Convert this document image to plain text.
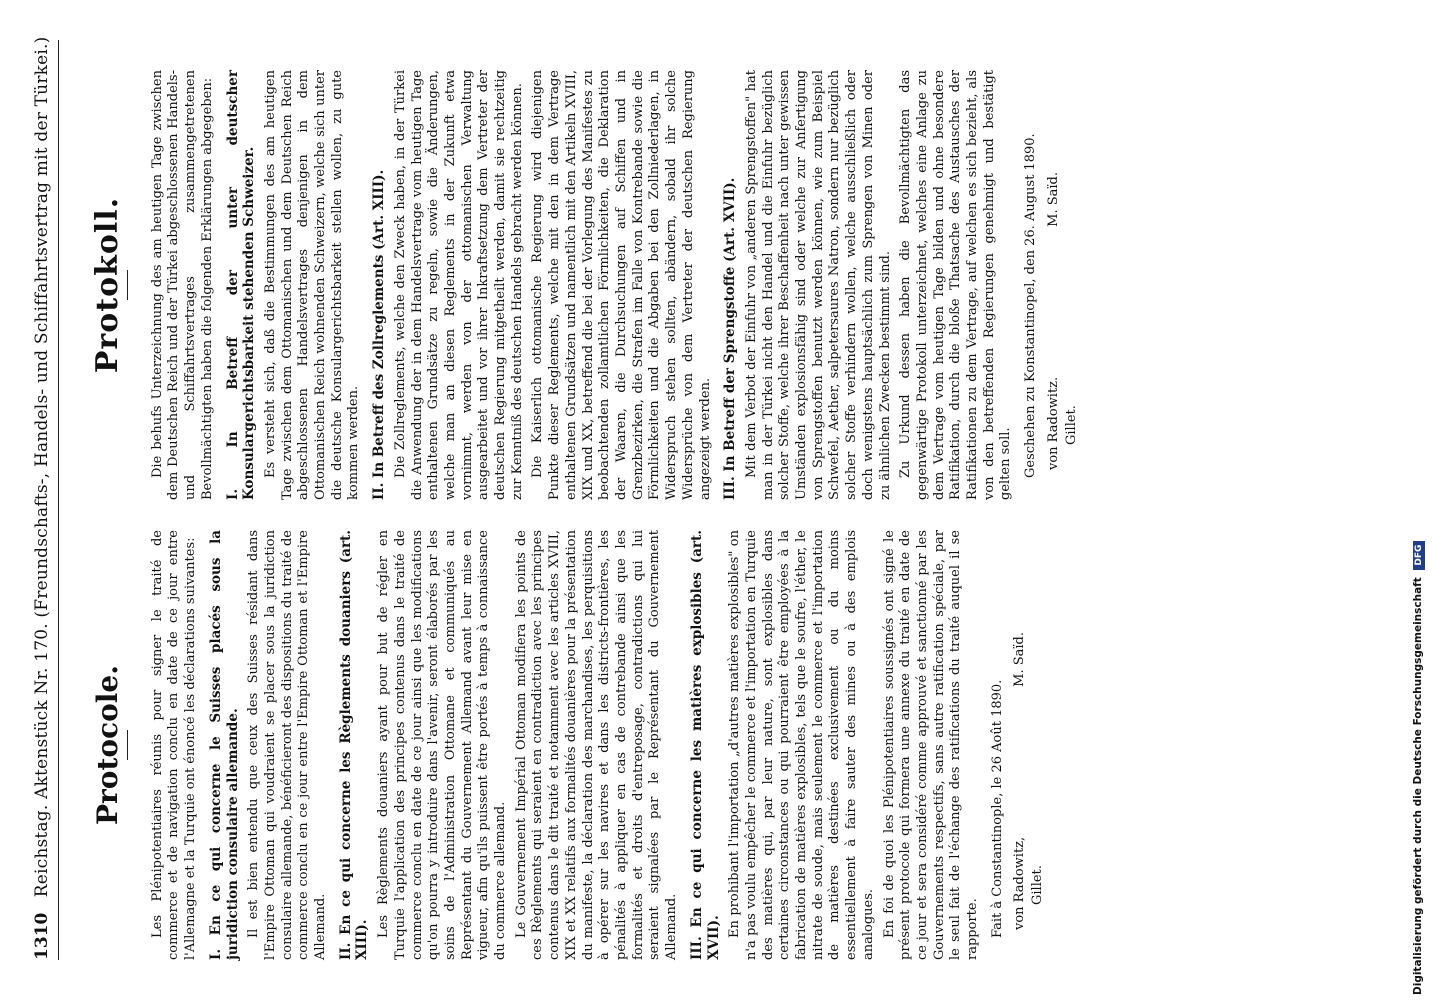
1310 Reichstag. Aktenstück Nr. 170. (Freundschafts-, Handels- und Schiffahrtsvertrag mit der Türkei.) Protocole. Les Plénipotentiaires réunis pour signer le traité de commerce et de navigation conclu en date de ce jour entre l'Allemagne et la Turquie ont énoncé les déclarations suivantes: I. En ce qui concerne le Suisses placés sous la juridiction consulaire allemande. Il est bien entendu que ceux des Suisses résidant dans l'Empire Ottoman qui voudraient se placer sous la juridiction consulaire allemande, bénéficieront des dispositions du traité de commerce conclu en ce jour entre l'Empire Ottoman et l'Empire Allemand. II. En ce qui concerne les Règlements douaniers (art. XIII).

Les Règlements douaniers ayant pour but de régler en Turquie l'application des principes contenus dans le traité de commerce conclu en date de ce jour ainsi que les modifications qu'on pourra y introduire dans l'avenir, seront élaborés par les soins de l'Administration Ottomane et communiqués au Représentant du Gouvernement Allemand avant leur mise en vigueur, afin qu'ils puissent être portés à temps à connaissance du commerce allemand. Le Gouvernement Impérial Ottoman modifiera les points de ces Règlements qui seraient en contradiction avec les principes contenus dans le dit traité et notamment avec les articles XVIII, XIX et XX relatifs aux formalités douanières pour la présentation du manifeste, la déclaration des marchandises, les perquisitions à opérer sur les navires et dans les districts-frontières, les pénalités à appliquer en cas de contrebande ainsi que les formalités et droits d'entreposage, contradictions qui lui seraient signalées par le Représentant du Gouvernement Allemand. III. En ce qui concerne les matières explosibles (art. XVII). En prohibant l'importation „d'autres matières explosibles" on n'a pas voulu empêcher le commerce et l'importation en Turquie des matières qui, par leur nature, sont explosibles dans certaines circonstances ou qui pourraient être employées à la fabrication de matières explosibles, tels que le soufre, l'éther, le nitrate de soude, mais seulement le commerce et l'importation de matières destinées exclusivement ou du moins essentiellement à faire sauter des mines ou à des emplois analogues. En foi de quoi les Plénipotentiaires soussignés ont signé le présent protocole qui formera une annexe du traité en date de ce jour et sera considéré comme approuvé et sanctionné par les Gouvernements respectifs, sans autre ratification spéciale, par le seul fait de l'échange des ratifications du traité auquel il se rapporte. Fait à Constantinople, le 26 Août 1890. von Radowitz,M. Saïd.
Gillet.
Protokoll. Die behufs Unterzeichnung des am heutigen Tage zwischen dem Deutschen Reich und der Türkei abgeschlossenen Handels- und Schiffahrtsvertrages zusammengetretenen Bevollmächtigten haben die folgenden Erklärungen abgegeben: I. In Betreff der unter deutscher Konsulargerichtsbarkeit stehenden Schweizer. Es versteht sich, daß die Bestimmungen des am heutigen Tage zwischen dem Ottomanischen und dem Deutschen Reich abgeschlossenen Handelsvertrages denjenigen in dem Ottomanischen Reich wohnenden Schweizern, welche sich unter die deutsche Konsulargerichtsbarkeit stellen wollen, zu gute kommen werden. II. In Betreff des Zollreglements (Art. XIII). Die Zollreglements, welche den Zweck haben, in der Türkei die Anwendung der in dem Handelsvertrage vom heutigen Tage enthaltenen Grundsätze zu regeln, sowie die Änderungen, welche man an diesen Reglements in der Zukunft etwa vornimmt, werden von der ottomanischen Verwaltung ausgearbeitet und vor ihrer Inkraftsetzung dem Vertreter der deutschen Regierung mitgetheilt werden, damit sie rechtzeitig zur Kenntniß des deutschen Handels gebracht werden können. Die Kaiserlich ottomanische Regierung wird diejenigen Punkte dieser Reglements, welche mit den in dem Vertrage enthaltenen Grundsätzen und namentlich mit den Artikeln XVIII, XIX und XX, betreffend die bei der Vorlegung des Manifestes zu beobachtenden zollamtlichen Förmlichkeiten, die Deklaration der Waaren, die Durchsuchungen auf Schiffen und in Grenzbezirken, die Strafen im Falle von Kontrebande sowie die Förmlichkeiten und die Abgaben bei den Zollniederlagen, in Widerspruch stehen sollten, abändern, sobald ihr solche Widersprüche von dem Vertreter der deutschen Regierung angezeigt werden. III. In Betreff der Sprengstoffe (Art. XVII). Mit dem Verbot der Einfuhr von „anderen Sprengstoffen" hat man in der Türkei nicht den Handel und die Einfuhr bezüglich solcher Stoffe, welche ihrer Beschaffenheit nach unter gewissen Umständen explosionsfähig sind oder welche zur Anfertigung von Sprengstoffen benutzt werden können, wie zum Beispiel Schwefel, Aether, salpetersaures Natron, sondern nur bezüglich solcher Stoffe verhindern wollen, welche ausschließlich oder doch wenigstens hauptsächlich zum Sprengen von Minen oder zu ähnlichen Zwecken bestimmt sind. Zu Urkund dessen haben die Bevollmächtigten das gegenwärtige Protokoll unterzeichnet, welches eine Anlage zu dem Vertrage vom heutigen Tage bilden und ohne besondere Ratifikation, durch die bloße Thatsache des Austausches der Ratifikationen zu dem Vertrage, auf welchen es sich bezieht, als von den betreffenden Regierungen genehmigt und bestätigt gelten soll. Geschehen zu Konstantinopel, den 26. August 1890. von Radowitz.M. Saïd.
Gillet.
Digitalisierung gefördert durch die Deutsche Forschungsgemeinschaft DFG
